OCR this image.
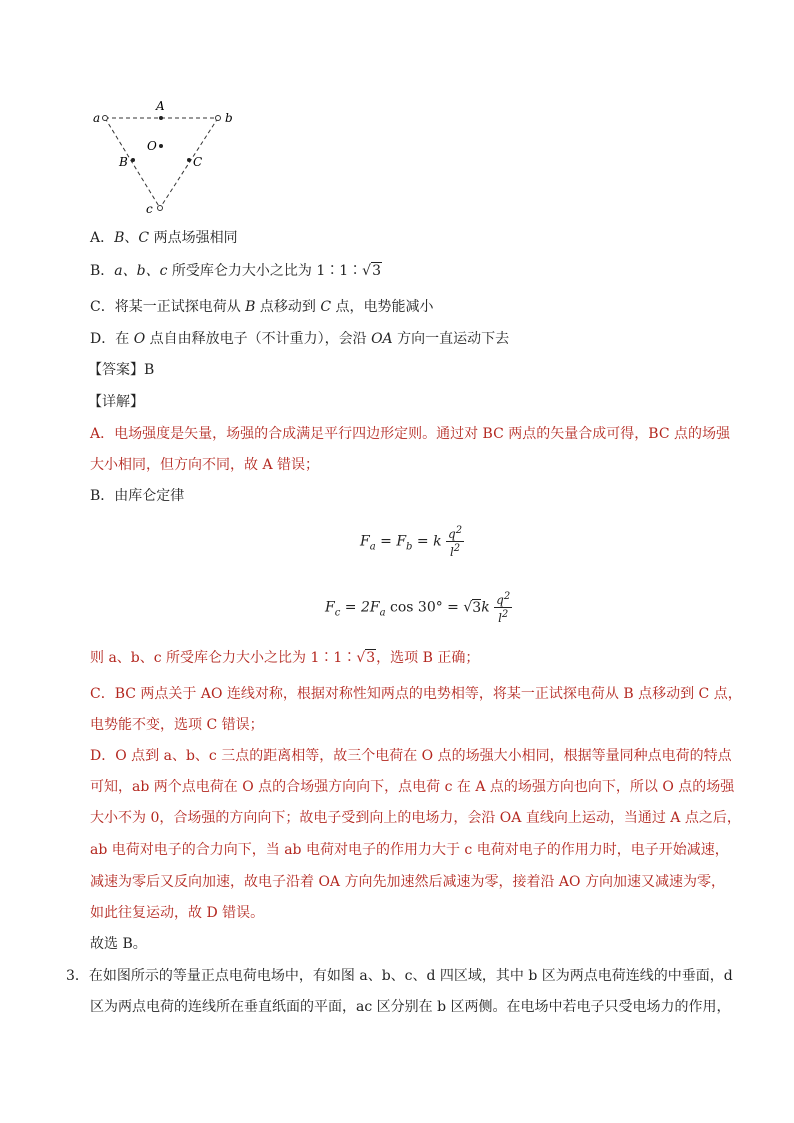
a	b
c
A
O
B	C
A．B、C 两点场强相同
B．a、b、c 所受库仑力大小之比为 1∶1∶√3
C．将某一正试探电荷从 B 点移动到 C 点，电势能减小
D．在 O 点自由释放电子（不计重力），会沿 OA 方向一直运动下去
【答案】B
【详解】
A．电场强度是矢量，场强的合成满足平行四边形定则。通过对 BC 两点的矢量合成可得，BC 点的场强
大小相同，但方向不同，故 A 错误；
B．由库仑定律
$F_a = F_b = k \frac{q^2}{l^2}$
$F_c = 2F_a$ $\cos 30^\circ = √3k \frac{q^2}{l^2}$
则 a、b、c 所受库仑力大小之比为 1∶1∶√3，选项 B 正确；
C．BC 两点关于 AO 连线对称，根据对称性知两点的电势相等，将某一正试探电荷从 B 点移动到 C 点，
电势能不变，选项 C 错误；
D．O 点到 a、b、c 三点的距离相等，故三个电荷在 O 点的场强大小相同，根据等量同种点电荷的特点
可知，ab 两个点电荷在 O 点的合场强方向向下，点电荷 c 在 A 点的场强方向也向下，所以 O 点的场强
大小不为 0，合场强的方向向下；故电子受到向上的电场力，会沿 OA 直线向上运动，当通过 A 点之后，
ab 电荷对电子的合力向下，当 ab 电荷对电子的作用力大于 c 电荷对电子的作用力时，电子开始减速，
减速为零后又反向加速，故电子沿着 OA 方向先加速然后减速为零，接着沿 AO 方向加速又减速为零，
如此往复运动，故 D 错误。
故选 B。
3．在如图所示的等量正点电荷电场中，有如图 a、b、c、d 四区域，其中 b 区为两点电荷连线的中垂面，d
区为两点电荷的连线所在垂直纸面的平面，ac 区分别在 b 区两侧。在电场中若电子只受电场力的作用，
